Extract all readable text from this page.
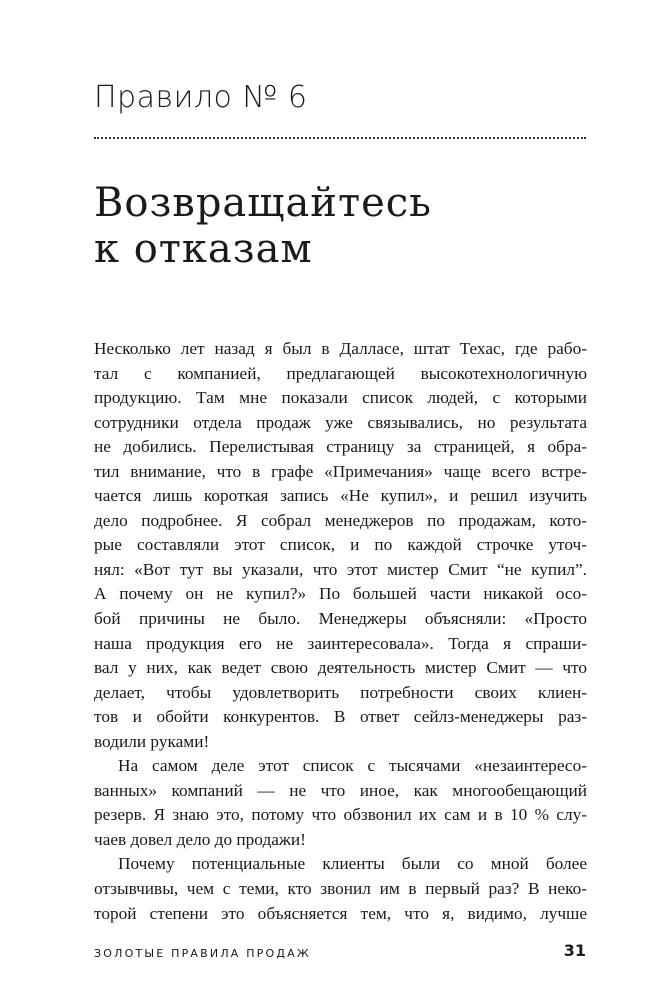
Правило № 6
Возвращайтесь
к отказам
Несколько лет назад я был в Далласе, штат Техас, где рабо-
тал с компанией, предлагающей высокотехнологичную
продукцию. Там мне показали список людей, с которыми
сотрудники отдела продаж уже связывались, но результата
не добились. Перелистывая страницу за страницей, я обра-
тил внимание, что в графе «Примечания» чаще всего встре-
чается лишь короткая запись «Не купил», и решил изучить
дело подробнее. Я собрал менеджеров по продажам, кото-
рые составляли этот список, и по каждой строчке уточ-
нял: «Вот тут вы указали, что этот мистер Смит “не купил”.
А почему он не купил?» По большей части никакой осо-
бой причины не было. Менеджеры объясняли: «Просто
наша продукция его не заинтересовала». Тогда я спраши-
вал у них, как ведет свою деятельность мистер Смит — что
делает, чтобы удовлетворить потребности своих клиен-
тов и обойти конкурентов. В ответ сейлз-менеджеры раз-
водили руками!
На самом деле этот список с тысячами «незаинтересо-
ванных» компаний — не что иное, как многообещающий
резерв. Я знаю это, потому что обзвонил их сам и в 10 % слу-
чаев довел дело до продажи!
Почему потенциальные клиенты были со мной более
отзывчивы, чем с теми, кто звонил им в первый раз? В неко-
торой степени это объясняется тем, что я, видимо, лучше
ЗОЛОТЫЕ ПРАВИЛА ПРОДАЖ	31
